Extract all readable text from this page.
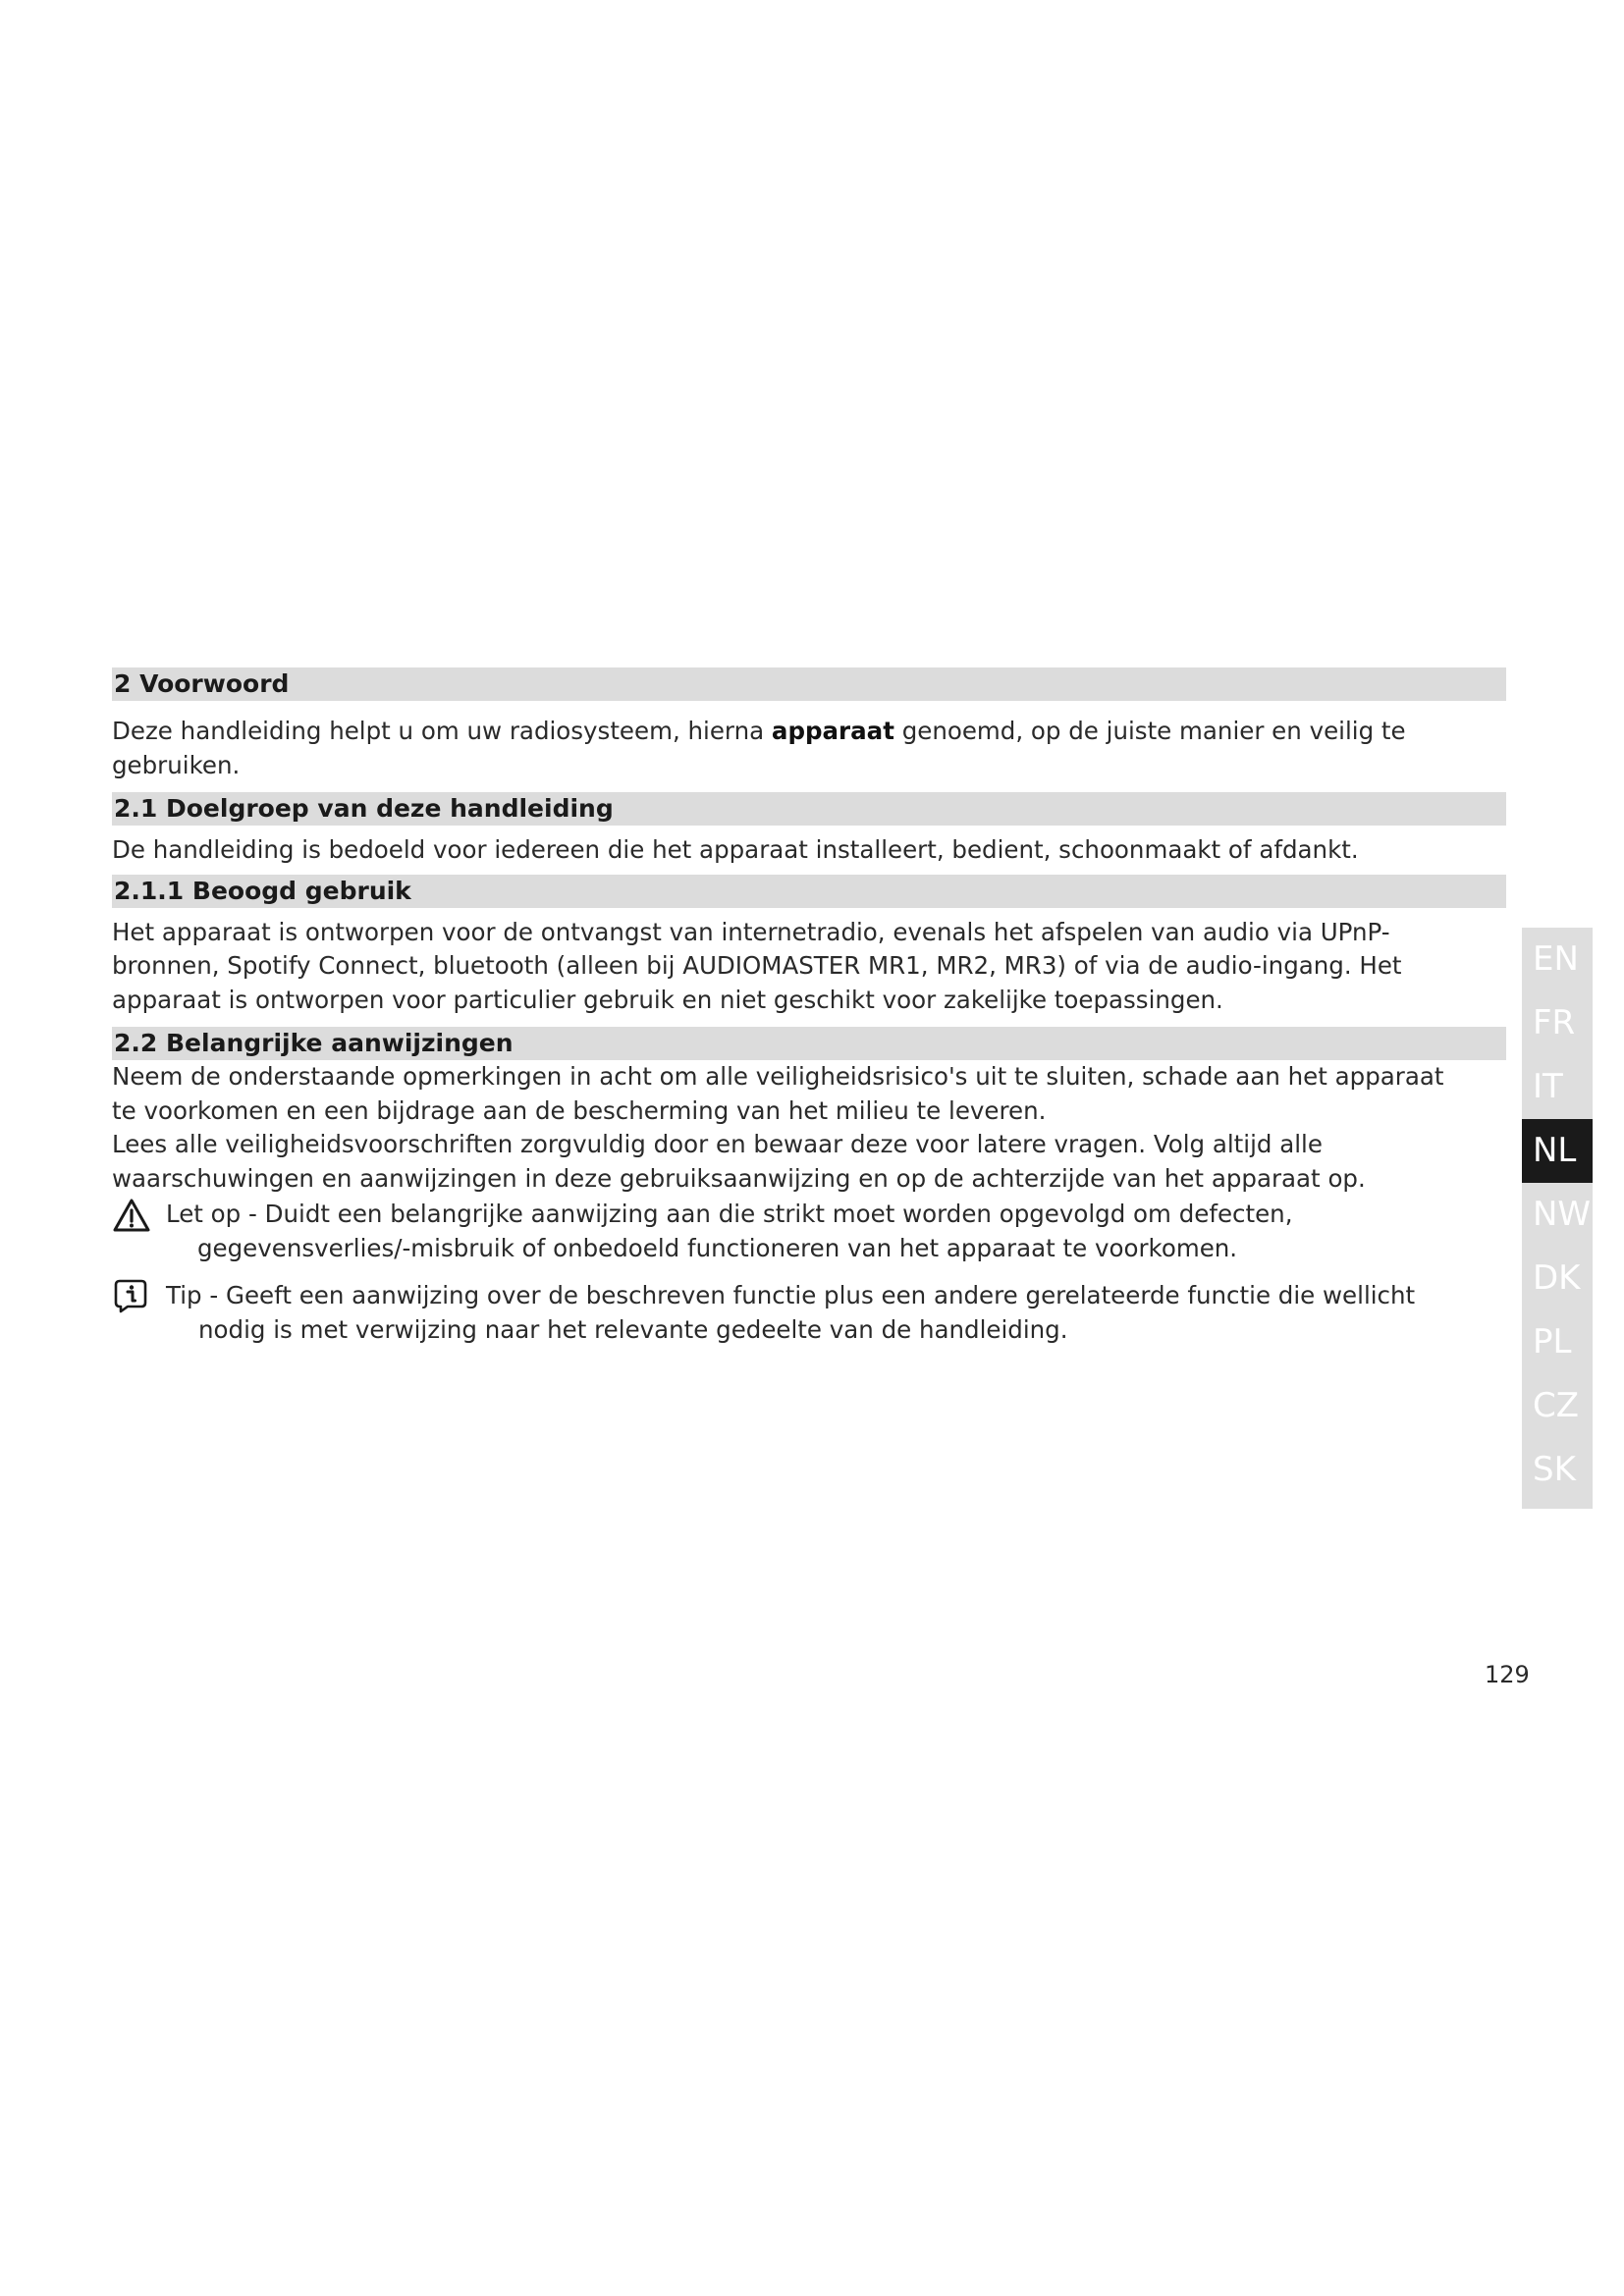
2 Voorwoord
Deze handleiding helpt u om uw radiosysteem, hierna apparaat genoemd, op de juiste manier en veilig te
gebruiken.
2.1 Doelgroep van deze handleiding
De handleiding is bedoeld voor iedereen die het apparaat installeert, bedient, schoonmaakt of afdankt.
2.1.1 Beoogd gebruik
Het apparaat is ontworpen voor de ontvangst van internetradio, evenals het afspelen van audio via UPnP-
bronnen, Spotify Connect, bluetooth (alleen bij AUDIOMASTER MR1, MR2, MR3) of via de audio-ingang. Het
apparaat is ontworpen voor particulier gebruik en niet geschikt voor zakelijke toepassingen.
2.2 Belangrijke aanwijzingen
Neem de onderstaande opmerkingen in acht om alle veiligheidsrisico's uit te sluiten, schade aan het apparaat
te voorkomen en een bijdrage aan de bescherming van het milieu te leveren.
Lees alle veiligheidsvoorschriften zorgvuldig door en bewaar deze voor latere vragen. Volg altijd alle
waarschuwingen en aanwijzingen in deze gebruiksaanwijzing en op de achterzijde van het apparaat op.
Let op - Duidt een belangrijke aanwijzing aan die strikt moet worden opgevolgd om defecten,
gegevensverlies/-misbruik of onbedoeld functioneren van het apparaat te voorkomen.
Tip - Geeft een aanwijzing over de beschreven functie plus een andere gerelateerde functie die wellicht
nodig is met verwijzing naar het relevante gedeelte van de handleiding.
EN
FR
IT
NL
NW
DK
PL
CZ
SK
129
